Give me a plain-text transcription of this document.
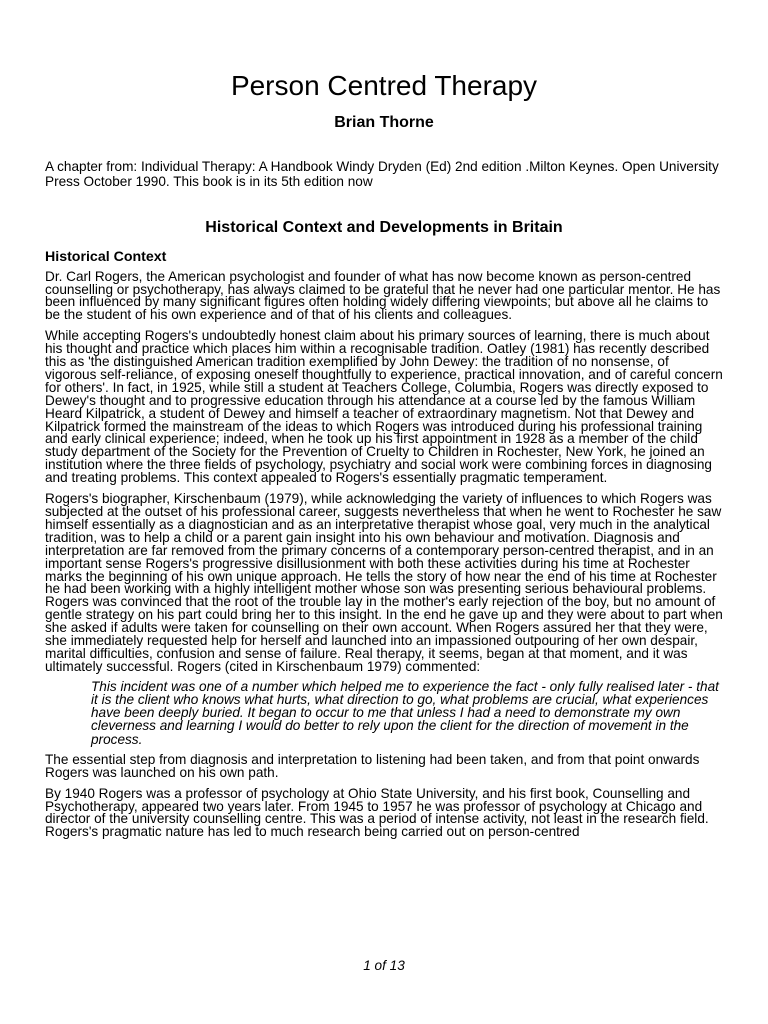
Person Centred Therapy

Brian Thorne

A chapter from: Individual Therapy: A Handbook Windy Dryden (Ed) 2nd edition .Milton Keynes. Open University Press October 1990. This book is in its 5th edition now

Historical Context and Developments in Britain
Historical Context

Dr. Carl Rogers, the American psychologist and founder of what has now become known as person-centred counselling or psychotherapy, has always claimed to be grateful that he never had one particular mentor. He has been influenced by many significant figures often holding widely differing viewpoints; but above all he claims to be the student of his own experience and of that of his clients and colleagues.

While accepting Rogers's undoubtedly honest claim about his primary sources of learning, there is much about his thought and practice which places him within a recognisable tradition. Oatley (1981) has recently described this as 'the distinguished American tradition exemplified by John Dewey: the tradition of no nonsense, of vigorous self-reliance, of exposing oneself thoughtfully to experience, practical innovation, and of careful concern for others'. In fact, in 1925, while still a student at Teachers College, Columbia, Rogers was directly exposed to Dewey's thought and to progressive education through his attendance at a course led by the famous William Heard Kilpatrick, a student of Dewey and himself a teacher of extraordinary magnetism. Not that Dewey and Kilpatrick formed the mainstream of the ideas to which Rogers was introduced during his professional training and early clinical experience; indeed, when he took up his first appointment in 1928 as a member of the child study department of the Society for the Prevention of Cruelty to Children in Rochester, New York, he joined an institution where the three fields of psychology, psychiatry and social work were combining forces in diagnosing and treating problems. This context appealed to Rogers's essentially pragmatic temperament.

Rogers's biographer, Kirschenbaum (1979), while acknowledging the variety of influences to which Rogers was subjected at the outset of his professional career, suggests nevertheless that when he went to Rochester he saw himself essentially as a diagnostician and as an interpretative therapist whose goal, very much in the analytical tradition, was to help a child or a parent gain insight into his own behaviour and motivation. Diagnosis and interpretation are far removed from the primary concerns of a contemporary person-centred therapist, and in an important sense Rogers's progressive disillusionment with both these activities during his time at Rochester marks the beginning of his own unique approach. He tells the story of how near the end of his time at Rochester he had been working with a highly intelligent mother whose son was presenting serious behavioural problems. Rogers was convinced that the root of the trouble lay in the mother's early rejection of the boy, but no amount of gentle strategy on his part could bring her to this insight. In the end he gave up and they were about to part when she asked if adults were taken for counselling on their own account. When Rogers assured her that they were, she immediately requested help for herself and launched into an impassioned outpouring of her own despair, marital difficulties, confusion and sense of failure. Real therapy, it seems, began at that moment, and it was ultimately successful. Rogers (cited in Kirschenbaum 1979) commented:

This incident was one of a number which helped me to experience the fact - only fully realised later - that it is the client who knows what hurts, what direction to go, what problems are crucial, what experiences have been deeply buried. It began to occur to me that unless I had a need to demonstrate my own cleverness and learning I would do better to rely upon the client for the direction of movement in the process.

The essential step from diagnosis and interpretation to listening had been taken, and from that point onwards Rogers was launched on his own path.

By 1940 Rogers was a professor of psychology at Ohio State University, and his first book, Counselling and Psychotherapy, appeared two years later. From 1945 to 1957 he was professor of psychology at Chicago and director of the university counselling centre. This was a period of intense activity, not least in the research field. Rogers's pragmatic nature has led to much research being carried out on person-centred

1 of 13
